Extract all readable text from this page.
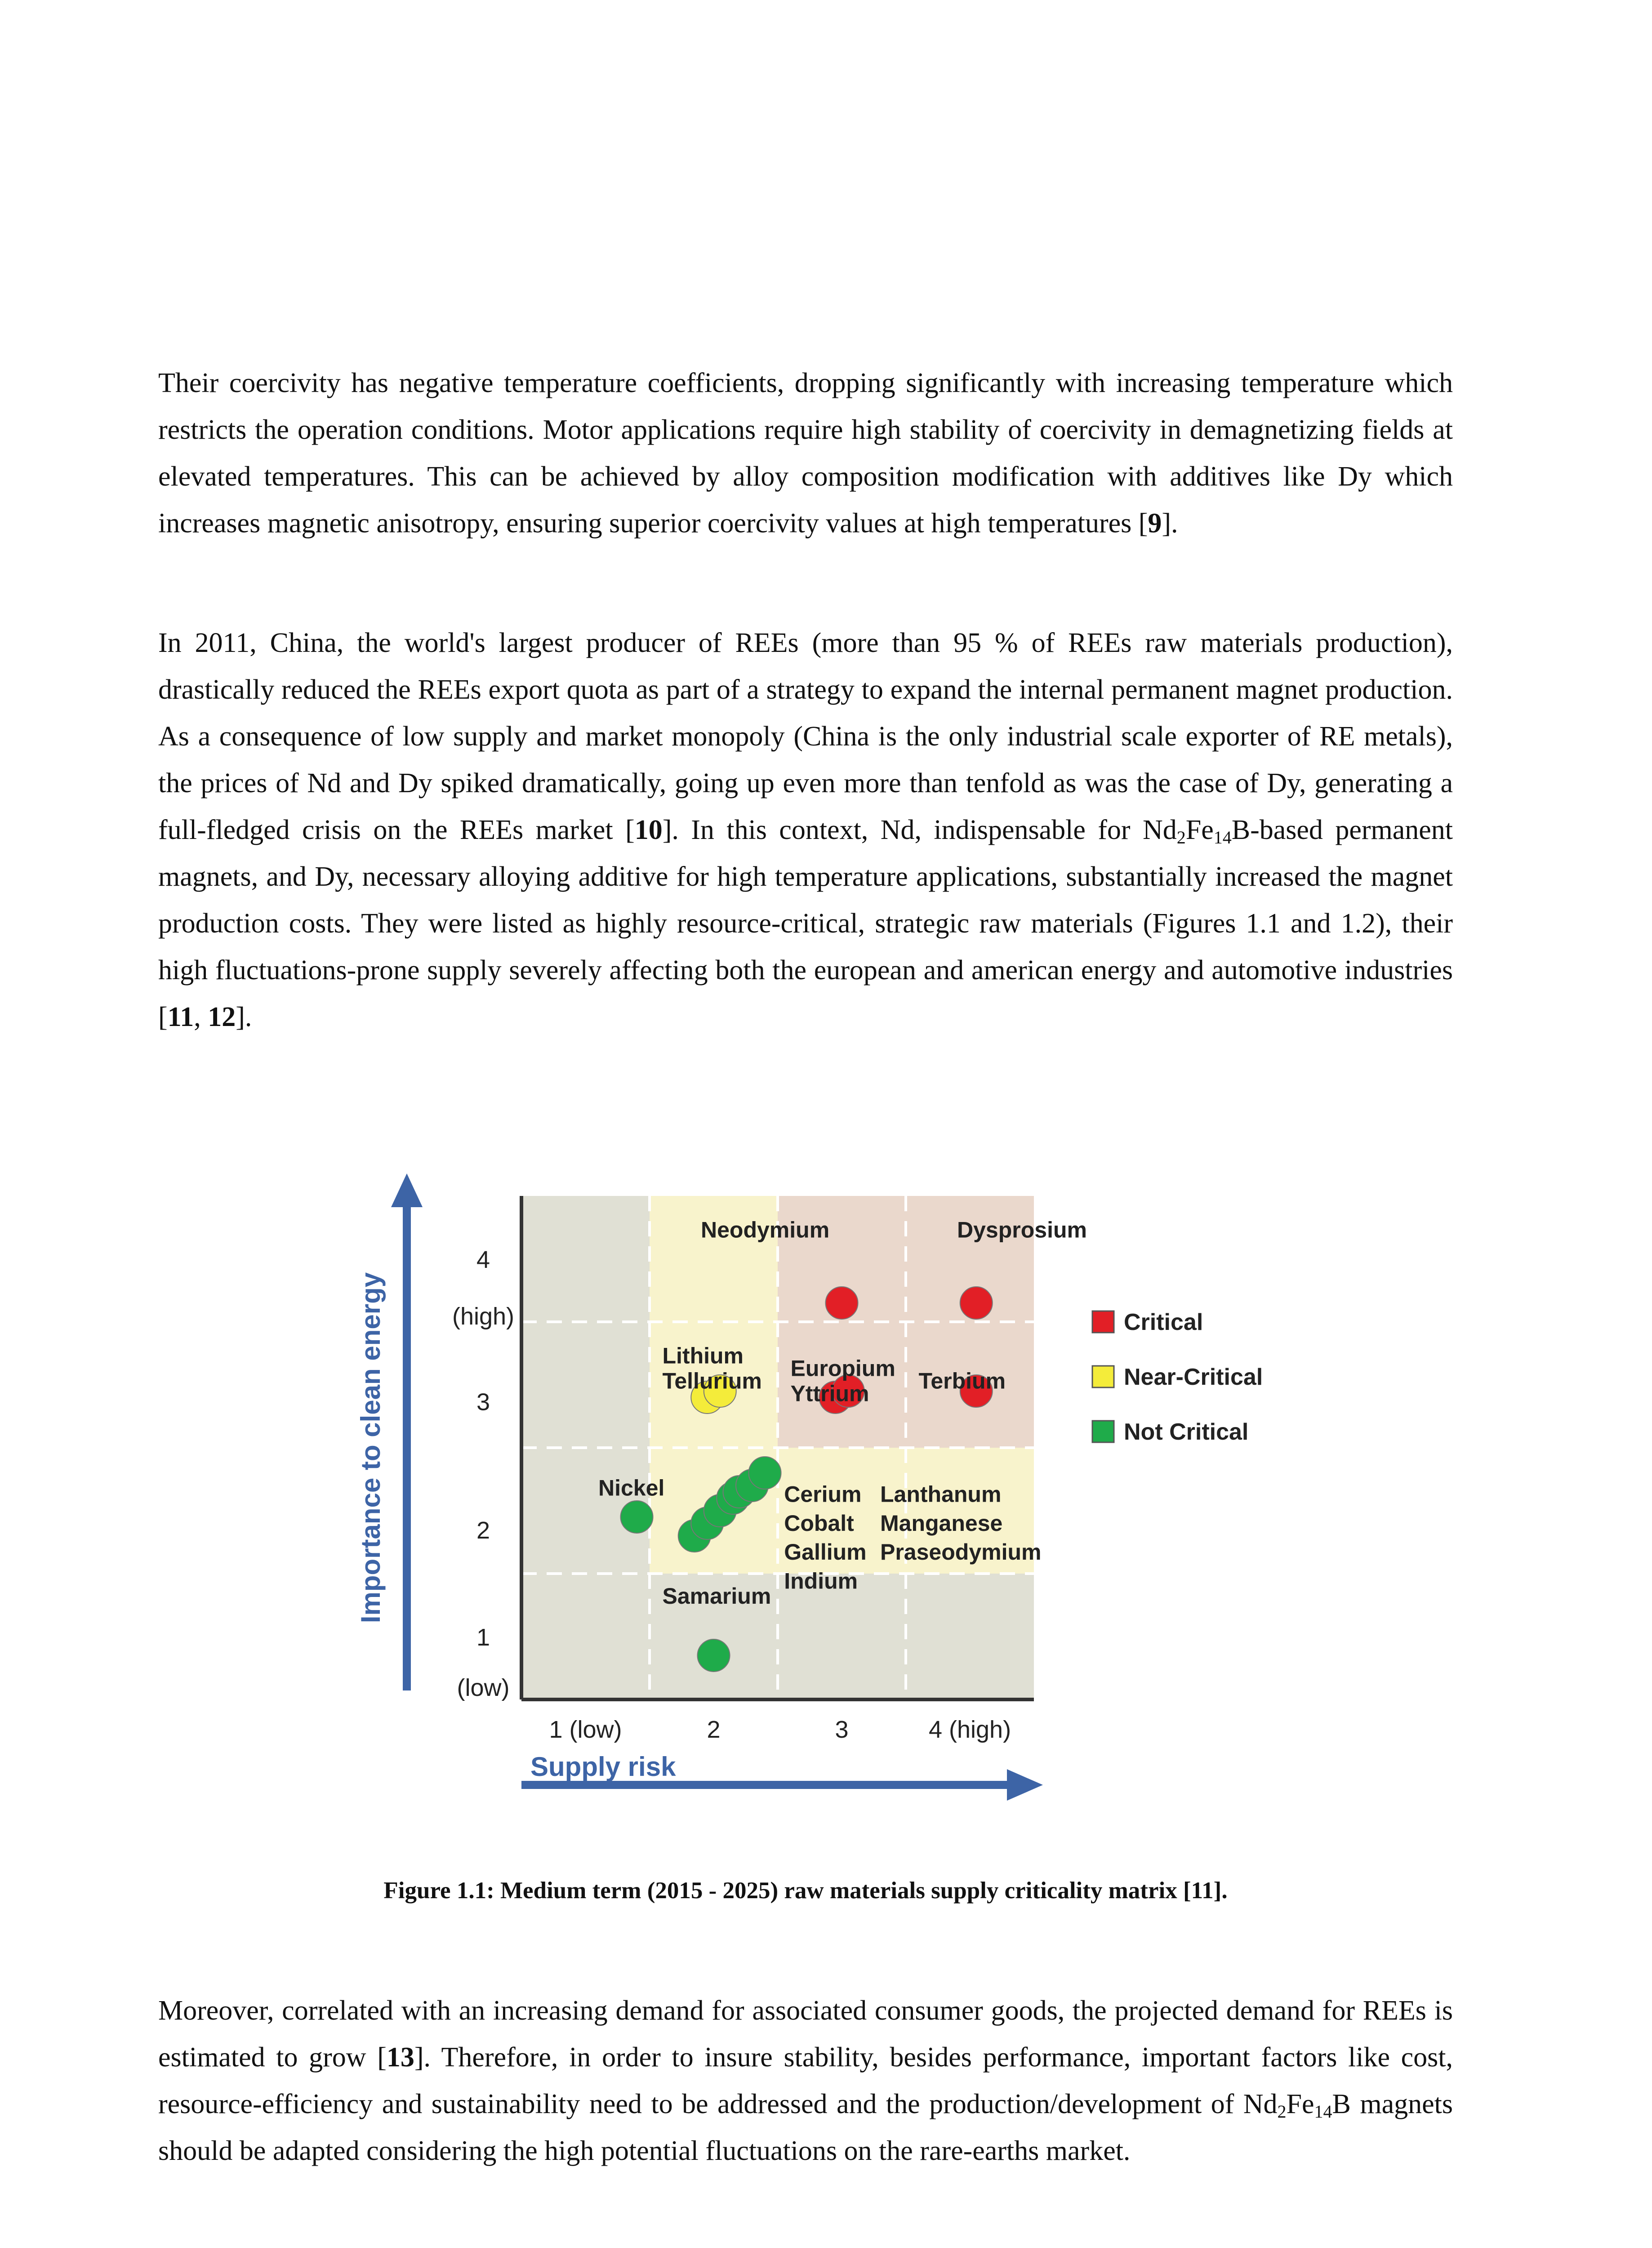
Their coercivity has negative temperature coefficients, dropping significantly with increasing temperature which restricts the operation conditions. Motor applications require high stability of coercivity in demagnetizing fields at elevated temperatures. This can be achieved by alloy composition modification with additives like Dy which increases magnetic anisotropy, ensuring superior coercivity values at high temperatures [9].

In 2011, China, the world's largest producer of REEs (more than 95 % of REEs raw materials production), drastically reduced the REEs export quota as part of a strategy to expand the internal permanent magnet production. As a consequence of low supply and market monopoly (China is the only industrial scale exporter of RE metals), the prices of Nd and Dy spiked dramatically, going up even more than tenfold as was the case of Dy, generating a full-fledged crisis on the REEs market [10]. In this context, Nd, indispensable for $Nd_2Fe_{14}B$-based permanent magnets, and Dy, necessary alloying additive for high temperature applications, substantially increased the magnet production costs. They were listed as highly resource-critical, strategic raw materials (Figures 1.1 and 1.2), their high fluctuations-prone supply severely affecting both the european and american energy and automotive industries [11, 12].

4
(high)
3
2
1
(low)
1 (low)	2	3	4 (high)
Supply risk
Importance to clean energy
Neodymium	Dysprosium
Lithium
Tellurium Europium
Yttrium Terbium
Nickel	Cerium
Cobalt
Gallium
Indium
Lanthanum
Manganese
Praseodymium
Samarium
Critical
Near-Critical
Not Critical

Figure 1.1: Medium term (2015 - 2025) raw materials supply criticality matrix [11].

Moreover, correlated with an increasing demand for associated consumer goods, the projected demand for REEs is estimated to grow [13]. Therefore, in order to insure stability, besides performance, important factors like cost, resource-efficiency and sustainability need to be addressed and the production/development of $Nd_2Fe_{14}B$ magnets should be adapted considering the high potential fluctuations on the rare-earths market.
